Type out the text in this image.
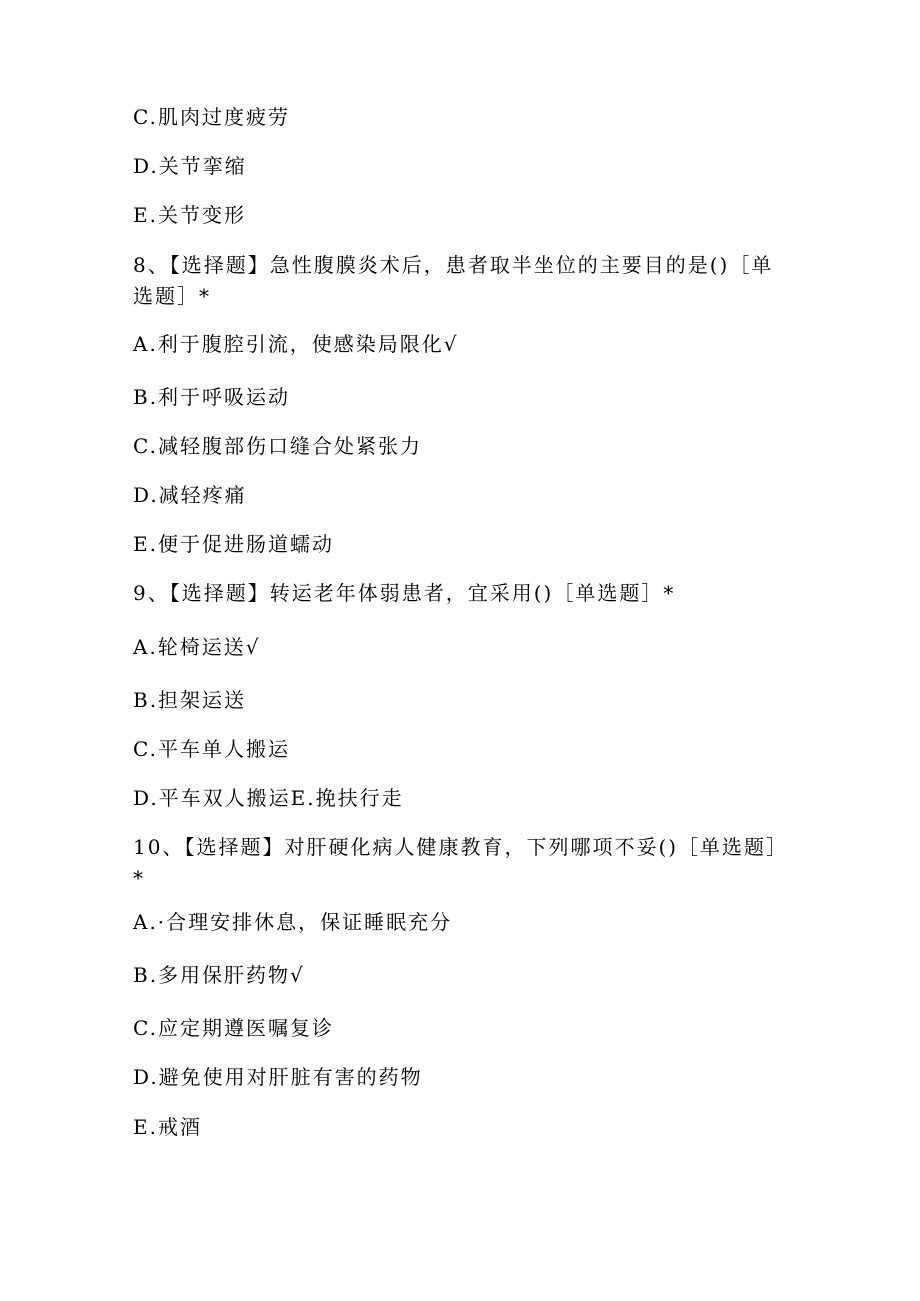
C.肌肉过度疲劳
D.关节挛缩
E.关节变形
8、【选择题】急性腹膜炎术后，患者取半坐位的主要目的是()［单选题］*
A.利于腹腔引流，使感染局限化√
B.利于呼吸运动
C.减轻腹部伤口缝合处紧张力
D.减轻疼痛
E.便于促进肠道蠕动
9、【选择题】转运老年体弱患者，宜采用()［单选题］*
A.轮椅运送√
B.担架运送
C.平车单人搬运
D.平车双人搬运E.挽扶行走
10、【选择题】对肝硬化病人健康教育，下列哪项不妥()［单选题］*
A.·合理安排休息，保证睡眠充分
B.多用保肝药物√
C.应定期遵医嘱复诊
D.避免使用对肝脏有害的药物
E.戒酒
